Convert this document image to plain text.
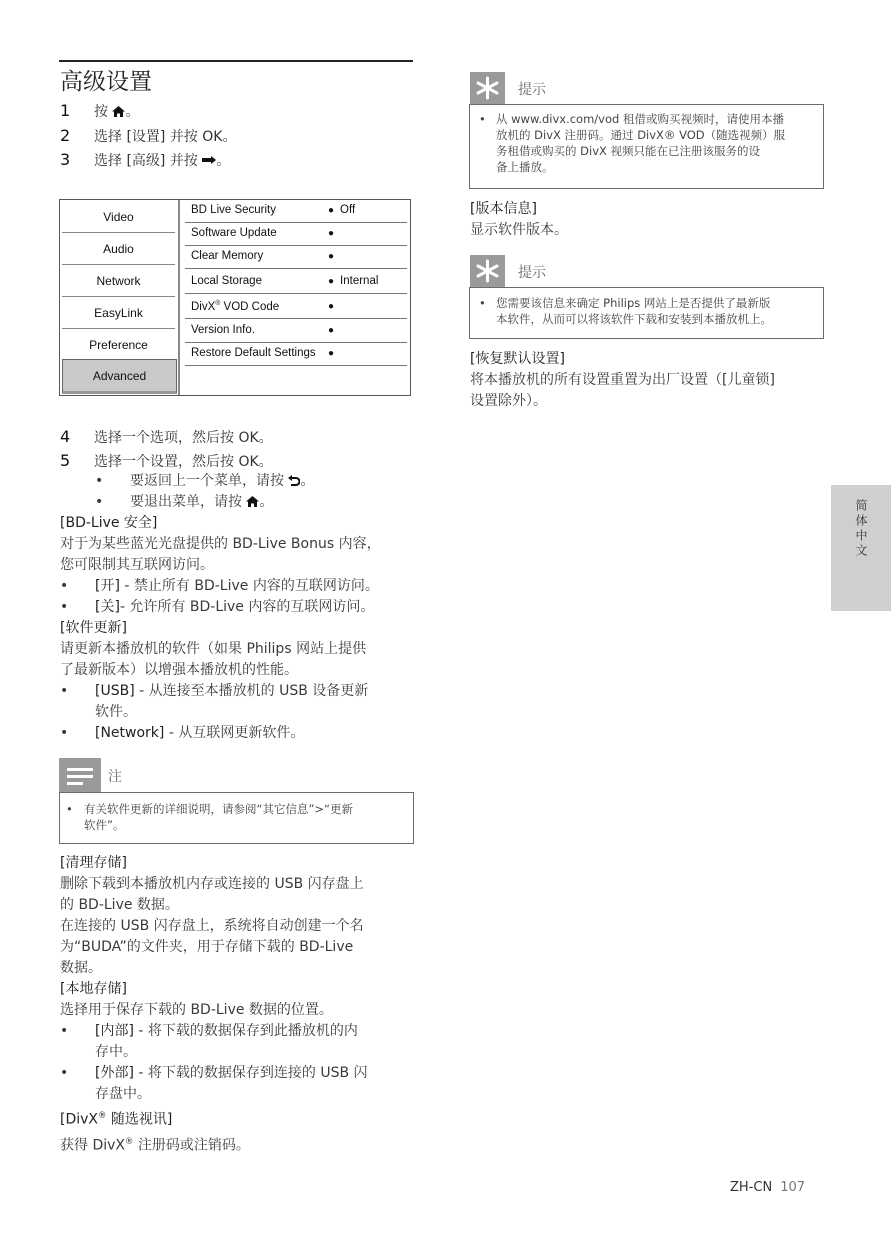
高级设置
1 按 。
2 选择 [设置] 并按 OK。
3 选择 [高级] 并按 。
Video
Audio
Network
EasyLink
Preference
Advanced
BD Live Security	● Off
Software Update	●
Clear Memory	●
Local Storage	● Internal
DivX® VOD Code	●
Version Info.	●
Restore Default Settings ●
4 选择一个选项，然后按 OK。
5 选择一个设置，然后按 OK。
• 要返回上一个菜单，请按 。
• 要退出菜单，请按 。

[BD-Live 安全]

对于为某些蓝光光盘提供的 BD-Live Bonus 内容，

您可限制其互联网访问。

• [开] - 禁止所有 BD-Live 内容的互联网访问。
• [关]- 允许所有 BD-Live 内容的互联网访问。

[软件更新]

请更新本播放机的软件（如果 Philips 网站上提供

了最新版本）以增强本播放机的性能。

• [USB] - 从连接至本播放机的 USB 设备更新
软件。
• [Network] - 从互联网更新软件。
注
• 有关软件更新的详细说明，请参阅“其它信息”>“更新
软件”。

[清理存储]

删除下载到本播放机内存或连接的 USB 闪存盘上

的 BD-Live 数据。

在连接的 USB 闪存盘上，系统将自动创建一个名

为“BUDA”的文件夹，用于存储下载的 BD-Live

数据。

[本地存储]

选择用于保存下载的 BD-Live 数据的位置。

• [内部] - 将下载的数据保存到此播放机的内
存中。
• [外部] - 将下载的数据保存到连接的 USB 闪
存盘中。

[DivX® 随选视讯]

获得 DivX® 注册码或注销码。

提示
• 从 www.divx.com/vod 租借或购买视频时，请使用本播
放机的 DivX 注册码。通过 DivX® VOD（随选视频）服
务租借或购买的 DivX 视频只能在已注册该服务的设
备上播放。

[版本信息]

显示软件版本。

提示
• 您需要该信息来确定 Philips 网站上是否提供了最新版
本软件，从而可以将该软件下载和安装到本播放机上。

[恢复默认设置]

将本播放机的所有设置重置为出厂设置（[儿童锁]

设置除外）。

简体中文
ZH-CN 107
